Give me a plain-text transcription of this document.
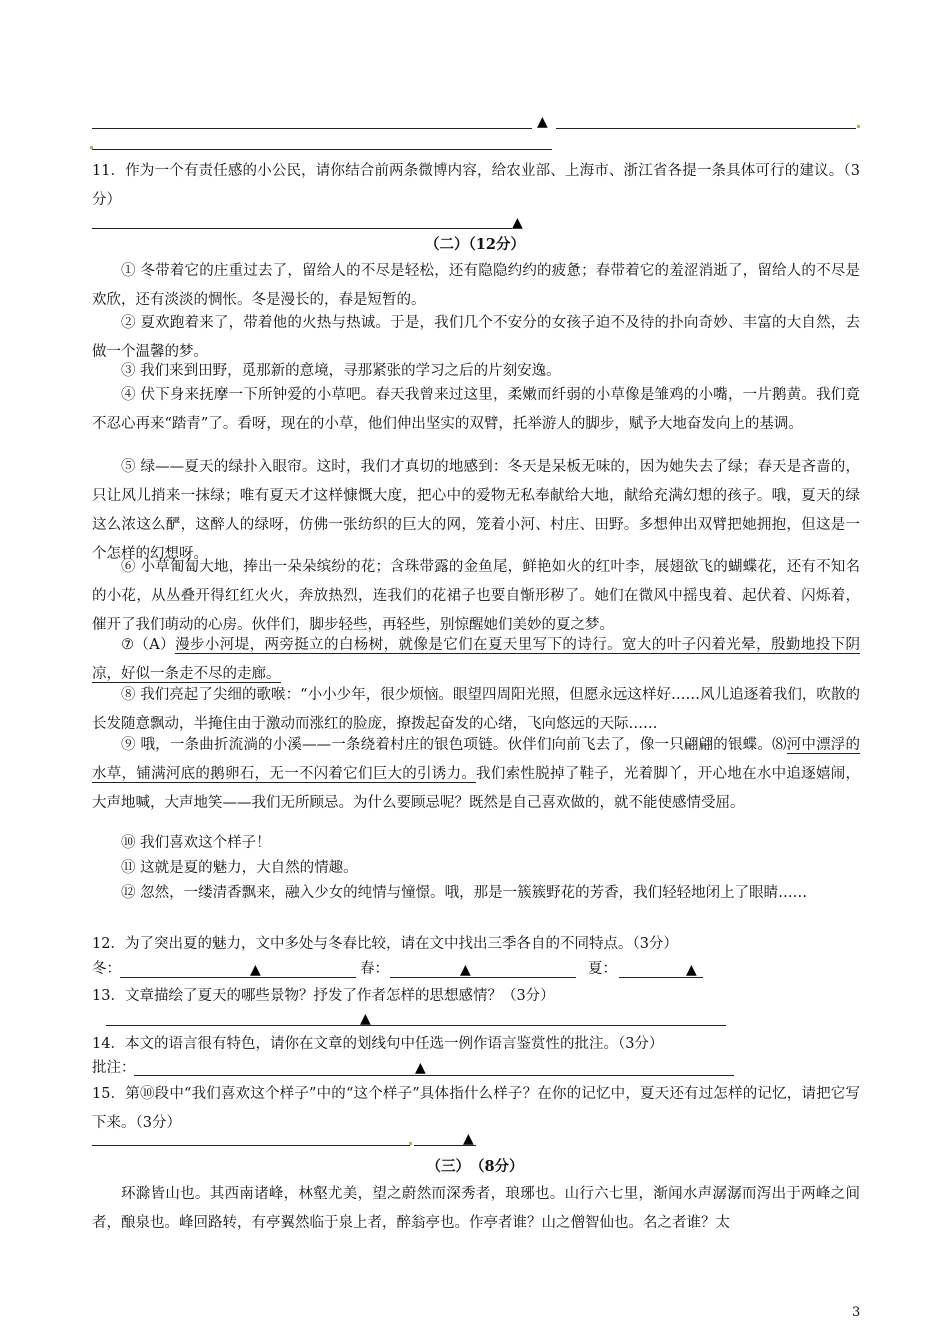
▲
11．作为一个有责任感的小公民，请你结合前两条微博内容，给农业部、上海市、浙江省各提一条具体可行的建议。（3分）
▲
（二）（12分）
① 冬带着它的庄重过去了，留给人的不尽是轻松，还有隐隐约约的疲惫；春带着它的羞涩消逝了，留给人的不尽是欢欣，还有淡淡的惆怅。冬是漫长的，春是短暂的。
② 夏欢跑着来了，带着他的火热与热诚。于是，我们几个不安分的女孩子迫不及待的扑向奇妙、丰富的大自然，去做一个温馨的梦。
③ 我们来到田野，觅那新的意境，寻那紧张的学习之后的片刻安逸。
④ 伏下身来抚摩一下所钟爱的小草吧。春天我曾来过这里，柔嫩而纤弱的小草像是雏鸡的小嘴，一片鹅黄。我们竟不忍心再来“踏青”了。看呀，现在的小草，他们伸出坚实的双臂，托举游人的脚步，赋予大地奋发向上的基调。
⑤ 绿——夏天的绿扑入眼帘。这时，我们才真切的地感到：冬天是呆板无味的，因为她失去了绿；春天是吝啬的，只让风儿捎来一抹绿；唯有夏天才这样慷慨大度，把心中的爱物无私奉献给大地，献给充满幻想的孩子。哦，夏天的绿这么浓这么酽，这醉人的绿呀，仿佛一张纺织的巨大的网，笼着小河、村庄、田野。多想伸出双臂把她拥抱，但这是一个怎样的幻想呀。
⑥ 小草匍匐大地，捧出一朵朵缤纷的花；含珠带露的金鱼尾，鲜艳如火的红叶李，展翅欲飞的蝴蝶花，还有不知名的小花，从丛叠开得红红火火，奔放热烈，连我们的花裙子也要自惭形秽了。她们在微风中摇曳着、起伏着、闪烁着，催开了我们萌动的心房。伙伴们，脚步轻些，再轻些，别惊醒她们美妙的夏之梦。
⑦（A）漫步小河堤，两旁挺立的白杨树，就像是它们在夏天里写下的诗行。宽大的叶子闪着光晕，殷勤地投下阴凉，好似一条走不尽的走廊。
⑧ 我们亮起了尖细的歌喉：“小小少年，很少烦恼。眼望四周阳光照，但愿永远这样好……风儿追逐着我们，吹散的长发随意飘动，半掩住由于激动而涨红的脸庞，撩拨起奋发的心绪，飞向悠远的天际……
⑨ 哦，一条曲折流淌的小溪——一条绕着村庄的银色项链。伙伴们向前飞去了，像一只翩翩的银蝶。⑻河中漂浮的水草，铺满河底的鹅卵石，无一不闪着它们巨大的引诱力。我们索性脱掉了鞋子，光着脚丫，开心地在水中追逐嬉闹，大声地喊，大声地笑——我们无所顾忌。为什么要顾忌呢？既然是自己喜欢做的，就不能使感情受屈。
⑩ 我们喜欢这个样子！
⑪ 这就是夏的魅力，大自然的情趣。
⑫ 忽然，一缕清香飘来，融入少女的纯情与憧憬。哦，那是一簇簇野花的芳香，我们轻轻地闭上了眼睛……
12．为了突出夏的魅力，文中多处与冬春比较，请在文中找出三季各自的不同特点。（3分）
冬：	▲	春：	▲	夏：	▲
13．文章描绘了夏天的哪些景物？抒发了作者怎样的思想感情？（3分）
▲
14．本文的语言很有特色，请你在文章的划线句中任选一例作语言鉴赏性的批注。（3分）
批注：	▲
15．第⑩段中“我们喜欢这个样子”中的“这个样子”具体指什么样子？在你的记忆中，夏天还有过怎样的记忆，请把它写下来。（3分）
▲
（三）　（8分）
环滁皆山也。其西南诸峰，林壑尤美，望之蔚然而深秀者，琅琊也。山行六七里，渐闻水声潺潺而泻出于两峰之间者，酿泉也。峰回路转，有亭翼然临于泉上者，醉翁亭也。作亭者谁？山之僧智仙也。名之者谁？太
3
